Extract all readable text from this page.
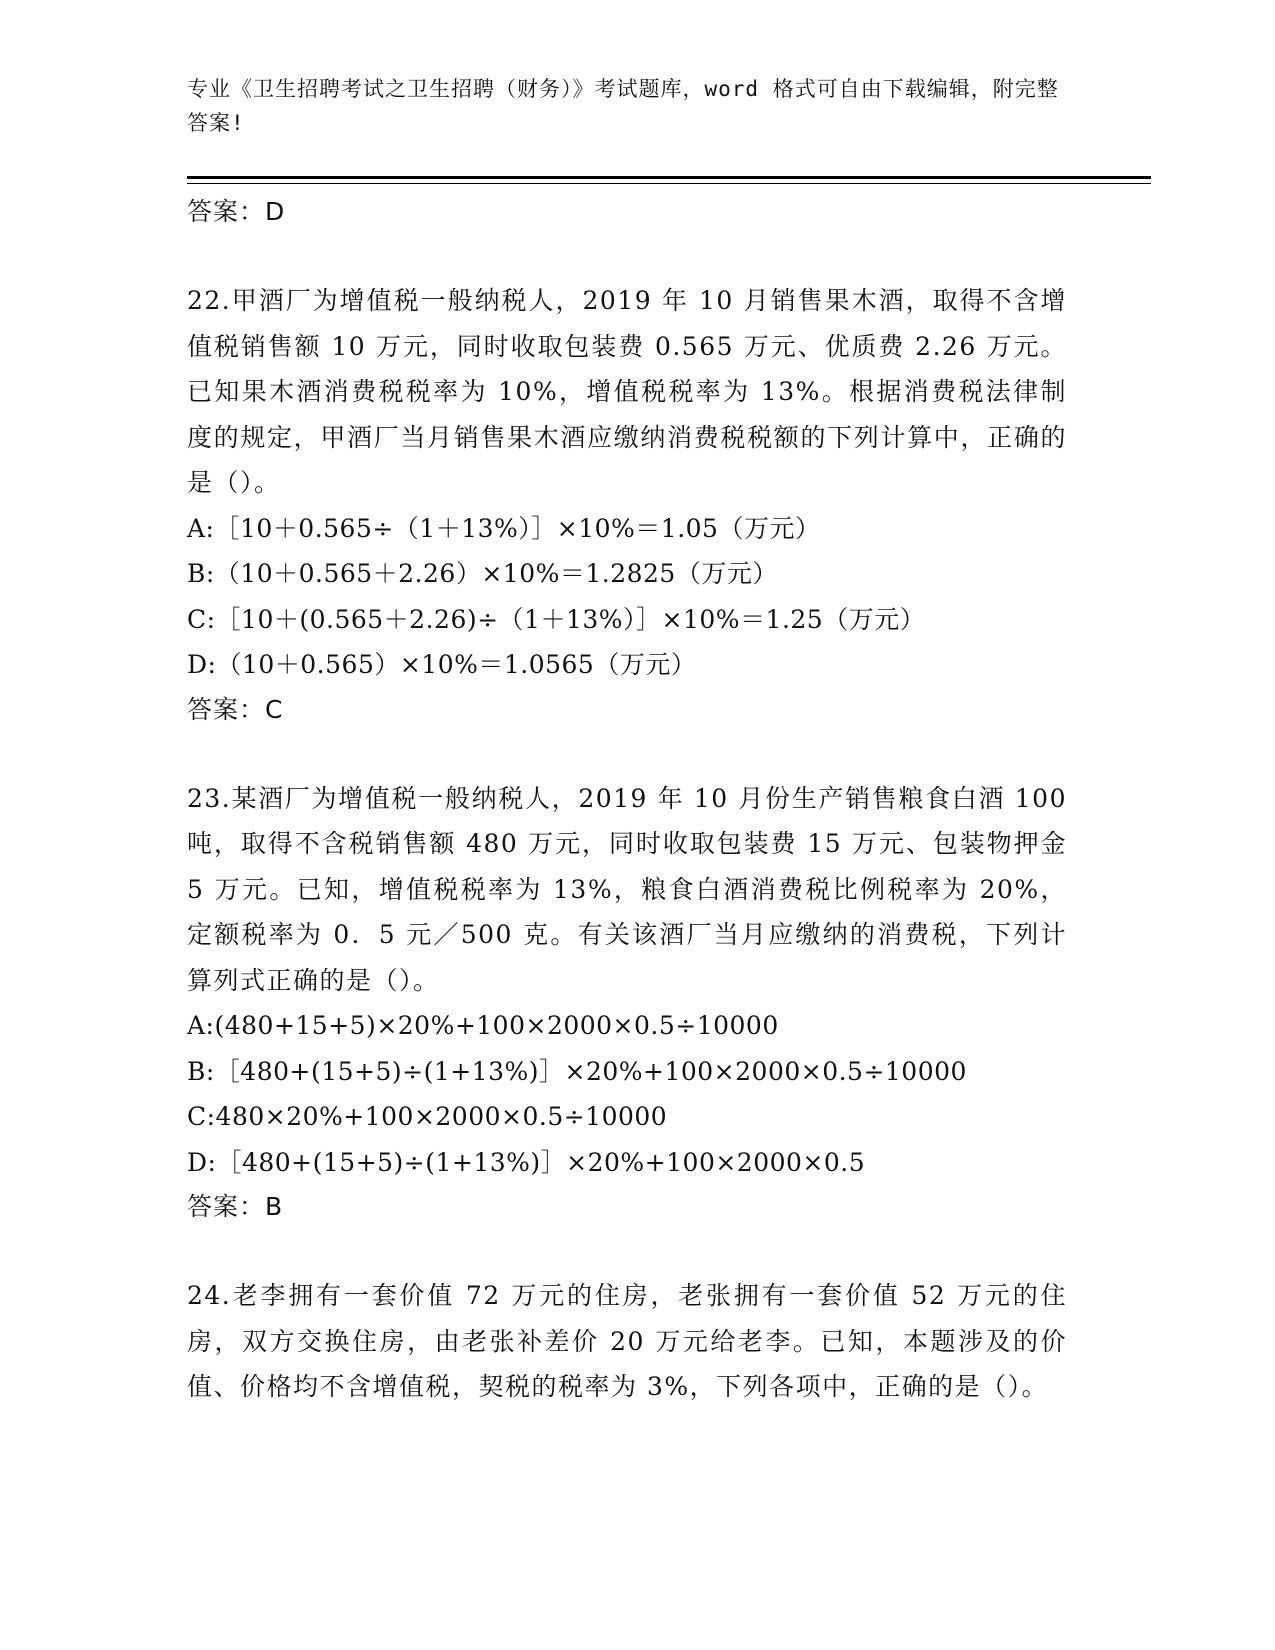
专业《卫生招聘考试之卫生招聘（财务）》考试题库，word 格式可自由下载编辑，附完整答案!
答案：D
22.甲酒厂为增值税一般纳税人，2019 年 10 月销售果木酒，取得不含增值税销售额 10 万元，同时收取包装费 0.565 万元、优质费 2.26 万元。已知果木酒消费税税率为 10%，增值税税率为 13%。根据消费税法律制度的规定，甲酒厂当月销售果木酒应缴纳消费税税额的下列计算中，正确的是（）。
A:［10＋0.565÷（1＋13%）］×10%＝1.05（万元）
B:（10＋0.565＋2.26）×10%＝1.2825（万元）
C:［10＋(0.565＋2.26)÷（1＋13%）］×10%＝1.25（万元）
D:（10＋0.565）×10%＝1.0565（万元）
答案：C
23.某酒厂为增值税一般纳税人，2019 年 10 月份生产销售粮食白酒 100 吨，取得不含税销售额 480 万元，同时收取包装费 15 万元、包装物押金 5 万元。已知，增值税税率为 13%，粮食白酒消费税比例税率为 20%，定额税率为 0．5 元／500 克。有关该酒厂当月应缴纳的消费税，下列计算列式正确的是（）。
A:(480+15+5)×20%+100×2000×0.5÷10000
B:［480+(15+5)÷(1+13%)］×20%+100×2000×0.5÷10000
C:480×20%+100×2000×0.5÷10000
D:［480+(15+5)÷(1+13%)］×20%+100×2000×0.5
答案：B
24.老李拥有一套价值 72 万元的住房，老张拥有一套价值 52 万元的住房，双方交换住房，由老张补差价 20 万元给老李。已知，本题涉及的价值、价格均不含增值税，契税的税率为 3%，下列各项中，正确的是（）。
